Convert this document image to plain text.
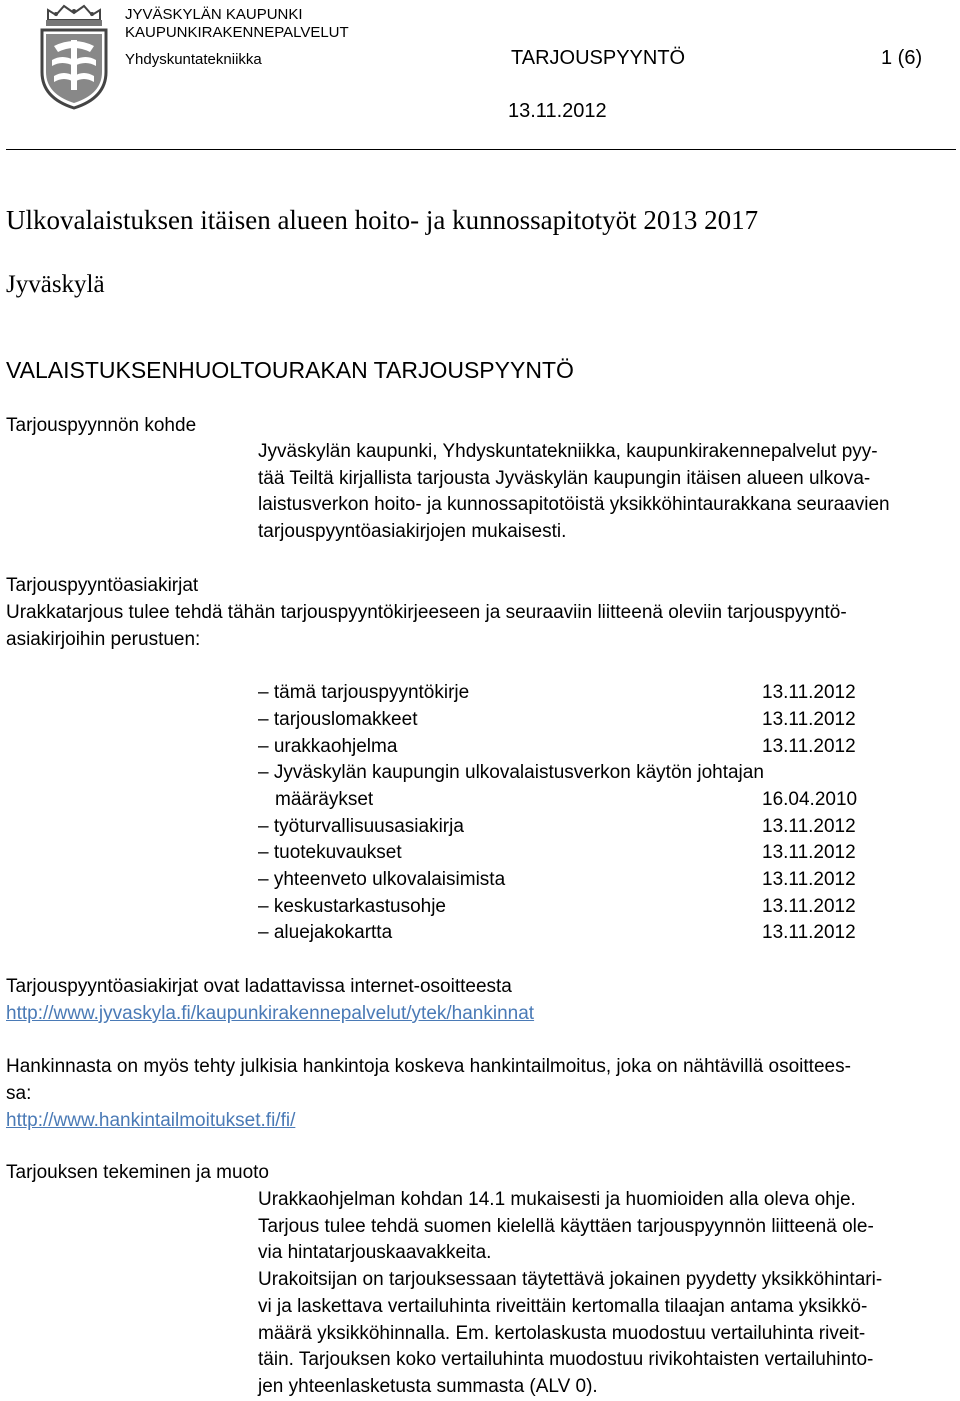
JYVÄSKYLÄN KAUPUNKI
KAUPUNKIRAKENNEPALVELUT
Yhdyskuntatekniikka	TARJOUSPYYNTÖ	1 (6)
13.11.2012
Ulkovalaistuksen itäisen alueen hoito- ja kunnossapitotyöt 2013 2017
Jyväskylä
VALAISTUKSENHUOLTOURAKAN TARJOUSPYYNTÖ
Tarjouspyynnön kohde

Jyväskylän kaupunki, Yhdyskuntatekniikka, kaupunkirakennepalvelut pyy-

tää Teiltä kirjallista tarjousta Jyväskylän kaupungin itäisen alueen ulkova-

laistusverkon hoito- ja kunnossapitotöistä yksikköhintaurakkana seuraavien

tarjouspyyntöasiakirjojen mukaisesti.

Tarjouspyyntöasiakirjat

Urakkatarjous tulee tehdä tähän tarjouspyyntökirjeeseen ja seuraaviin liitteenä oleviin tarjouspyyntö-

asiakirjoihin perustuen:

– tämä tarjouspyyntökirje	13.11.2012
– tarjouslomakkeet	13.11.2012
– urakkaohjelma	13.11.2012
– Jyväskylän kaupungin ulkovalaistusverkon käytön johtajan
määräykset	16.04.2010
– työturvallisuusasiakirja	13.11.2012
– tuotekuvaukset	13.11.2012
– yhteenveto ulkovalaisimista	13.11.2012
– keskustarkastusohje	13.11.2012
– aluejakokartta	13.11.2012
Tarjouspyyntöasiakirjat ovat ladattavissa internet-osoitteesta
http://www.jyvaskyla.fi/kaupunkirakennepalvelut/ytek/hankinnat

Hankinnasta on myös tehty julkisia hankintoja koskeva hankintailmoitus, joka on nähtävillä osoittees-

sa:

http://www.hankintailmoitukset.fi/fi/
Tarjouksen tekeminen ja muoto

Urakkaohjelman kohdan 14.1 mukaisesti ja huomioiden alla oleva ohje.

Tarjous tulee tehdä suomen kielellä käyttäen tarjouspyynnön liitteenä ole-

via hintatarjouskaavakkeita.

Urakoitsijan on tarjouksessaan täytettävä jokainen pyydetty yksikköhintari-

vi ja laskettava vertailuhinta riveittäin kertomalla tilaajan antama yksikkö-

määrä yksikköhinnalla. Em. kertolaskusta muodostuu vertailuhinta riveit-

täin. Tarjouksen koko vertailuhinta muodostuu rivikohtaisten vertailuhinto-

jen yhteenlasketusta summasta (ALV 0).
